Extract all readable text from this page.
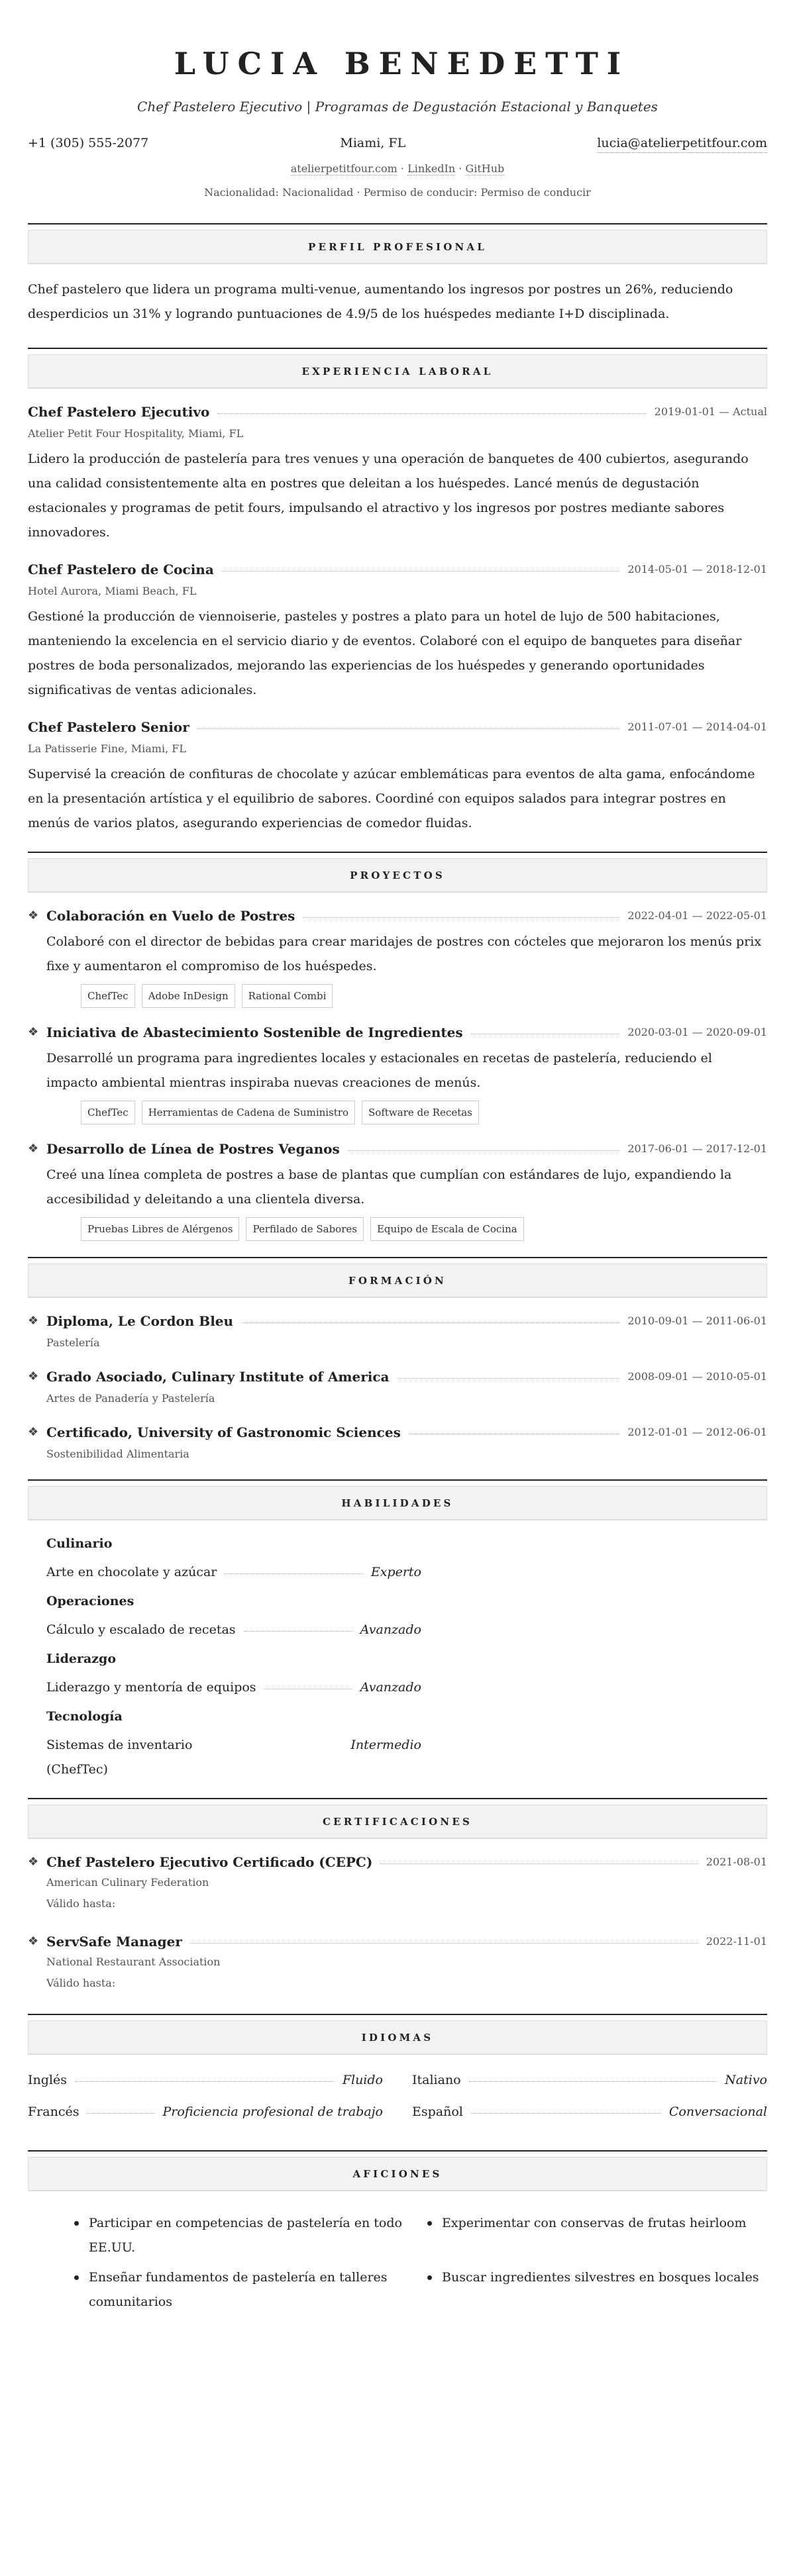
LUCIA BENEDETTI
Chef Pastelero Ejecutivo | Programas de Degustación Estacional y Banquetes
+1 (305) 555-2077	Miami, FL	lucia@atelierpetitfour.com
atelierpetitfour.com · LinkedIn · GitHub
Nacionalidad: Nacionalidad · Permiso de conducir: Permiso de conducir
PERFIL PROFESIONAL

Chef pastelero que lidera un programa multi-venue, aumentando los ingresos por postres un 26%, reduciendo desperdicios un 31% y logrando puntuaciones de 4.9/5 de los huéspedes mediante I+D disciplinada.

EXPERIENCIA LABORAL
Chef Pastelero Ejecutivo	2019-01-01 — Actual
Atelier Petit Four Hospitality, Miami, FL

Lidero la producción de pastelería para tres venues y una operación de banquetes de 400 cubiertos, asegurando una calidad consistentemente alta en postres que deleitan a los huéspedes. Lancé menús de degustación estacionales y programas de petit fours, impulsando el atractivo y los ingresos por postres mediante sabores innovadores.

Chef Pastelero de Cocina	2014-05-01 — 2018-12-01
Hotel Aurora, Miami Beach, FL

Gestioné la producción de viennoiserie, pasteles y postres a plato para un hotel de lujo de 500 habitaciones, manteniendo la excelencia en el servicio diario y de eventos. Colaboré con el equipo de banquetes para diseñar postres de boda personalizados, mejorando las experiencias de los huéspedes y generando oportunidades significativas de ventas adicionales.

Chef Pastelero Senior	2011-07-01 — 2014-04-01
La Patisserie Fine, Miami, FL

Supervisé la creación de confituras de chocolate y azúcar emblemáticas para eventos de alta gama, enfocándome en la presentación artística y el equilibrio de sabores. Coordiné con equipos salados para integrar postres en menús de varios platos, asegurando experiencias de comedor fluidas.

PROYECTOS
❖ Colaboración en Vuelo de Postres	2022-04-01 — 2022-05-01

Colaboré con el director de bebidas para crear maridajes de postres con cócteles que mejoraron los menús prix fixe y aumentaron el compromiso de los huéspedes.

ChefTec	Adobe InDesign	Rational Combi
❖ Iniciativa de Abastecimiento Sostenible de Ingredientes	2020-03-01 — 2020-09-01

Desarrollé un programa para ingredientes locales y estacionales en recetas de pastelería, reduciendo el impacto ambiental mientras inspiraba nuevas creaciones de menús.

ChefTec	Herramientas de Cadena de Suministro	Software de Recetas
❖ Desarrollo de Línea de Postres Veganos	2017-06-01 — 2017-12-01

Creé una línea completa de postres a base de plantas que cumplían con estándares de lujo, expandiendo la accesibilidad y deleitando a una clientela diversa.

Pruebas Libres de Alérgenos	Perfilado de Sabores	Equipo de Escala de Cocina
FORMACIÓN
❖ Diploma, Le Cordon Bleu	2010-09-01 — 2011-06-01
Pastelería
❖ Grado Asociado, Culinary Institute of America	2008-09-01 — 2010-05-01
Artes de Panadería y Pastelería
❖ Certificado, University of Gastronomic Sciences	2012-01-01 — 2012-06-01
Sostenibilidad Alimentaria
HABILIDADES
Culinario
Arte en chocolate y azúcar	Experto
Operaciones
Cálculo y escalado de recetas	Avanzado
Liderazgo
Liderazgo y mentoría de equipos	Avanzado
Tecnología
Sistemas de inventario (ChefTec)
Intermedio
CERTIFICACIONES
❖ Chef Pastelero Ejecutivo Certificado (CEPC)	2021-08-01
American Culinary Federation
Válido hasta:
❖ ServSafe Manager	2022-11-01
National Restaurant Association
Válido hasta:
IDIOMAS
Inglés	Fluido Italiano	Nativo
Francés	Proficiencia profesional de trabajo Español	Conversacional
AFICIONES
Participar en competencias de pastelería en todo EE.UU.
Experimentar con conservas de frutas heirloom
Enseñar fundamentos de pastelería en talleres comunitarios
Buscar ingredientes silvestres en bosques locales
